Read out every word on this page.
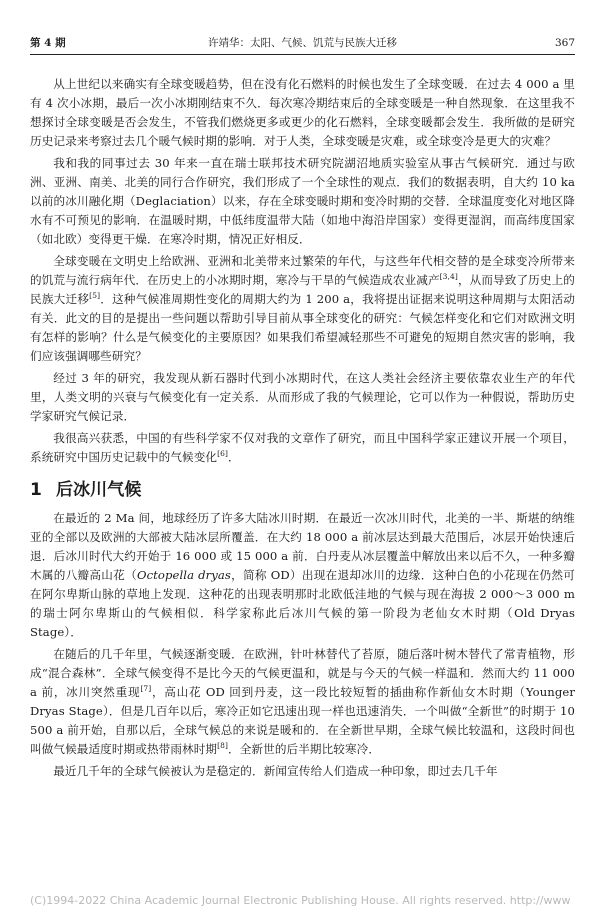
第 4 期	许靖华：太阳、气候、饥荒与民族大迁移	367

从上世纪以来确实有全球变暖趋势，但在没有化石燃料的时候也发生了全球变暖．在过去 4 000 a 里有 4 次小冰期，最后一次小冰期刚结束不久．每次寒冷期结束后的全球变暖是一种自然现象．在这里我不想探讨全球变暖是否会发生，不管我们燃烧更多或更少的化石燃料，全球变暖都会发生．我所做的是研究历史记录来考察过去几个暖气候时期的影响．对于人类，全球变暖是灾难，或全球变冷是更大的灾难？

我和我的同事过去 30 年来一直在瑞士联邦技术研究院湖沼地质实验室从事古气候研究．通过与欧洲、亚洲、南美、北美的同行合作研究，我们形成了一个全球性的观点．我们的数据表明，自大约 10 ka 以前的冰川融化期（Deglaciation）以来，存在全球变暖时期和变冷时期的交替．全球温度变化对地区降水有不可预见的影响．在温暖时期，中低纬度温带大陆（如地中海沿岸国家）变得更湿润，而高纬度国家（如北欧）变得更干燥．在寒冷时期，情况正好相反．

全球变暖在文明史上给欧洲、亚洲和北美带来过繁荣的年代，与这些年代相交替的是全球变冷所带来的饥荒与流行病年代．在历史上的小冰期时期，寒冷与干旱的气候造成农业减产[3,4]，从而导致了历史上的民族大迁移[5]．这种气候准周期性变化的周期大约为 1 200 a，我将提出证据来说明这种周期与太阳活动有关．此文的目的是提出一些问题以帮助引导目前从事全球变化的研究：气候怎样变化和它们对欧洲文明有怎样的影响？什么是气候变化的主要原因？如果我们希望减轻那些不可避免的短期自然灾害的影响，我们应该强调哪些研究？

经过 3 年的研究，我发现从新石器时代到小冰期时代，在这人类社会经济主要依靠农业生产的年代里，人类文明的兴衰与气候变化有一定关系．从而形成了我的气候理论，它可以作为一种假说，帮助历史学家研究气候记录．

我很高兴获悉，中国的有些科学家不仅对我的文章作了研究，而且中国科学家正建议开展一个项目，系统研究中国历史记载中的气候变化[6]．

1 后冰川气候

在最近的 2 Ma 间，地球经历了许多大陆冰川时期．在最近一次冰川时代，北美的一半、斯堪的纳维亚的全部以及欧洲的大部被大陆冰层所覆盖．在大约 18 000 a 前冰层达到最大范围后，冰层开始快速后退．后冰川时代大约开始于 16 000 或 15 000 a 前．白丹麦从冰层覆盖中解放出来以后不久，一种多瓣木属的八瓣高山花（Octopella dryas，简称 OD）出现在退却冰川的边缘．这种白色的小花现在仍然可在阿尔卑斯山脉的草地上发现．这种花的出现表明那时北欧低洼地的气候与现在海拔 2 000～3 000 m 的瑞士阿尔卑斯山的气候相似．科学家称此后冰川气候的第一阶段为老仙女木时期（Old Dryas Stage）．

在随后的几千年里，气候逐渐变暖．在欧洲，针叶林替代了苔原，随后落叶树木替代了常青植物，形成“混合森林”．全球气候变得不是比今天的气候更温和，就是与今天的气候一样温和．然而大约 11 000 a 前，冰川突然重现[7]，高山花 OD 回到丹麦，这一段比较短暂的插曲称作新仙女木时期（Younger Dryas Stage）．但是几百年以后，寒冷正如它迅速出现一样也迅速消失．一个叫做“全新世”的时期于 10 500 a 前开始，自那以后，全球气候总的来说是暖和的．在全新世早期，全球气候比较温和，这段时间也叫做气候最适度时期或热带雨林时期[8]．全新世的后半期比较寒冷．

最近几千年的全球气候被认为是稳定的．新闻宣传给人们造成一种印象，即过去几千年

(C)1994-2022 China Academic Journal Electronic Publishing House. All rights reserved. http://www
